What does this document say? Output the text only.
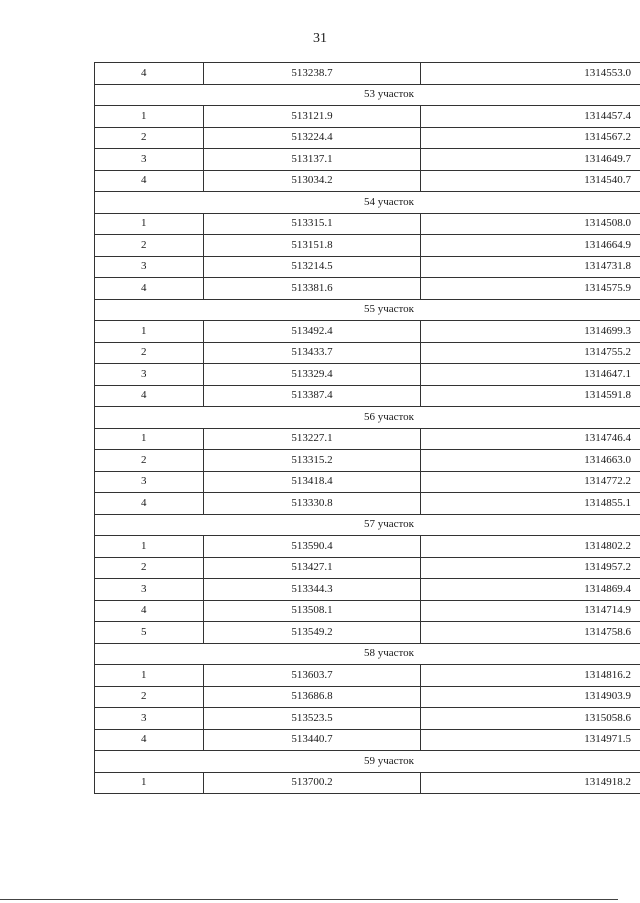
31
4	513238.7	1314553.0
53 участок		
1	513121.9	1314457.4
2	513224.4	1314567.2
3	513137.1	1314649.7
4	513034.2	1314540.7
54 участок		
1	513315.1	1314508.0
2	513151.8	1314664.9
3	513214.5	1314731.8
4	513381.6	1314575.9
55 участок		
1	513492.4	1314699.3
2	513433.7	1314755.2
3	513329.4	1314647.1
4	513387.4	1314591.8
56 участок		
1	513227.1	1314746.4
2	513315.2	1314663.0
3	513418.4	1314772.2
4	513330.8	1314855.1
57 участок		
1	513590.4	1314802.2
2	513427.1	1314957.2
3	513344.3	1314869.4
4	513508.1	1314714.9
5	513549.2	1314758.6
58 участок		
1	513603.7	1314816.2
2	513686.8	1314903.9
3	513523.5	1315058.6
4	513440.7	1314971.5
59 участок		
1	513700.2	1314918.2
